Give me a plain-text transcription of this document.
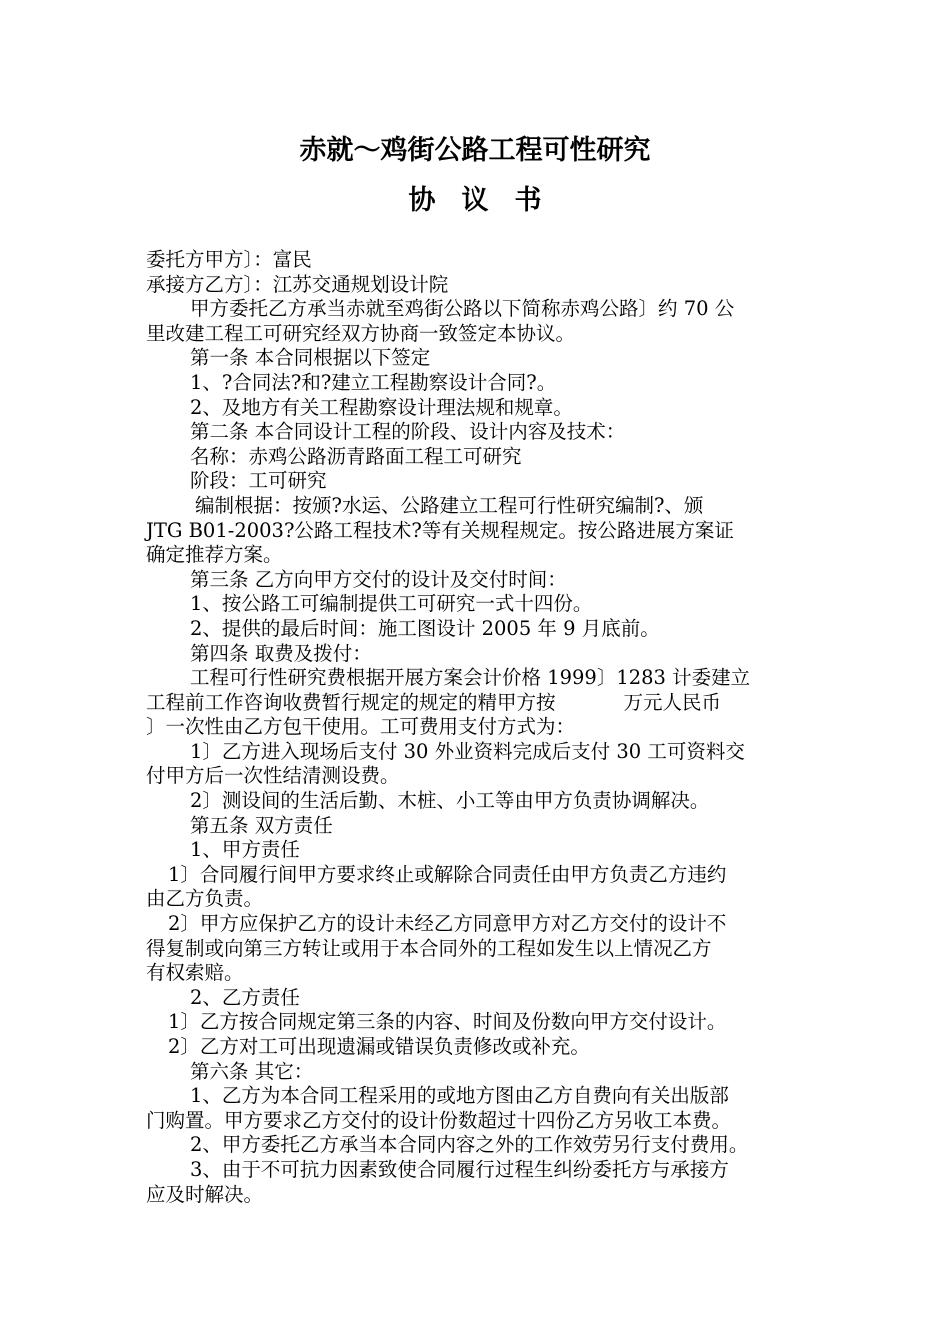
赤就～鸡街公路工程可性研究
协议书

委托方甲方〕：富民

承接方乙方〕：江苏交通规划设计院

甲方委托乙方承当赤就至鸡街公路以下简称赤鸡公路〕约 70 公

里改建工程工可研究经双方协商一致签定本协议。

第一条 本合同根据以下签定

1、?合同法?和?建立工程勘察设计合同?。

2、及地方有关工程勘察设计理法规和规章。

第二条 本合同设计工程的阶段、设计内容及技术：

名称：赤鸡公路沥青路面工程工可研究

阶段：工可研究

编制根据：按颁?水运、公路建立工程可行性研究编制?、颁

JTG B01-2003?公路工程技术?等有关规程规定。按公路进展方案证

确定推荐方案。

第三条 乙方向甲方交付的设计及交付时间：

1、按公路工可编制提供工可研究一式十四份。

2、提供的最后时间：施工图设计 2005 年 9 月底前。

第四条 取费及拨付：

工程可行性研究费根据开展方案会计价格 1999〕1283 计委建立

工程前工作咨询收费暂行规定的规定的精甲方按	万元人民币

〕一次性由乙方包干使用。工可费用支付方式为：

1〕乙方进入现场后支付 30 外业资料完成后支付 30 工可资料交

付甲方后一次性结清测设费。

2〕测设间的生活后勤、木桩、小工等由甲方负责协调解决。

第五条 双方责任

1、甲方责任

1〕合同履行间甲方要求终止或解除合同责任由甲方负责乙方违约

由乙方负责。

2〕甲方应保护乙方的设计未经乙方同意甲方对乙方交付的设计不

得复制或向第三方转让或用于本合同外的工程如发生以上情况乙方

有权索赔。

2、乙方责任

1〕乙方按合同规定第三条的内容、时间及份数向甲方交付设计。

2〕乙方对工可出现遗漏或错误负责修改或补充。

第六条 其它：

1、乙方为本合同工程采用的或地方图由乙方自费向有关出版部

门购置。甲方要求乙方交付的设计份数超过十四份乙方另收工本费。

2、甲方委托乙方承当本合同内容之外的工作效劳另行支付费用。

3、由于不可抗力因素致使合同履行过程生纠纷委托方与承接方

应及时解决。
